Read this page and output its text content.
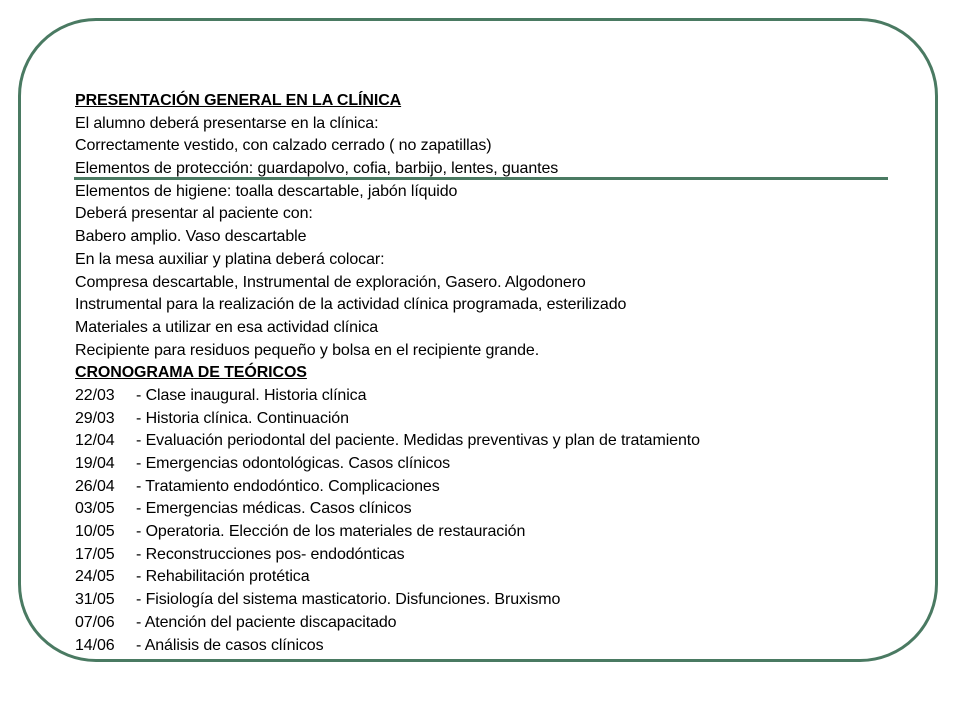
PRESENTACIÓN GENERAL EN LA CLÍNICA
El alumno deberá presentarse en la clínica:
Correctamente vestido, con calzado cerrado ( no zapatillas)
Elementos de protección: guardapolvo, cofia, barbijo, lentes, guantes
Elementos de higiene: toalla descartable, jabón líquido
Deberá presentar al paciente con:
Babero amplio. Vaso descartable
En la mesa auxiliar y platina deberá colocar:
Compresa descartable, Instrumental de exploración, Gasero. Algodonero
Instrumental para la realización de la actividad clínica programada, esterilizado
Materiales a utilizar en esa actividad clínica
Recipiente para residuos pequeño y bolsa en el recipiente grande.
CRONOGRAMA DE TEÓRICOS
22/03	- Clase inaugural. Historia clínica
29/03	- Historia clínica. Continuación
12/04	- Evaluación periodontal del paciente. Medidas preventivas y plan de tratamiento
19/04	- Emergencias odontológicas. Casos clínicos
26/04	- Tratamiento endodóntico. Complicaciones
03/05	- Emergencias médicas. Casos clínicos
10/05	- Operatoria. Elección de los materiales de restauración
17/05	- Reconstrucciones pos- endodónticas
24/05	- Rehabilitación protética
31/05	- Fisiología del sistema masticatorio. Disfunciones. Bruxismo
07/06	- Atención del paciente discapacitado
14/06	- Análisis de casos clínicos
